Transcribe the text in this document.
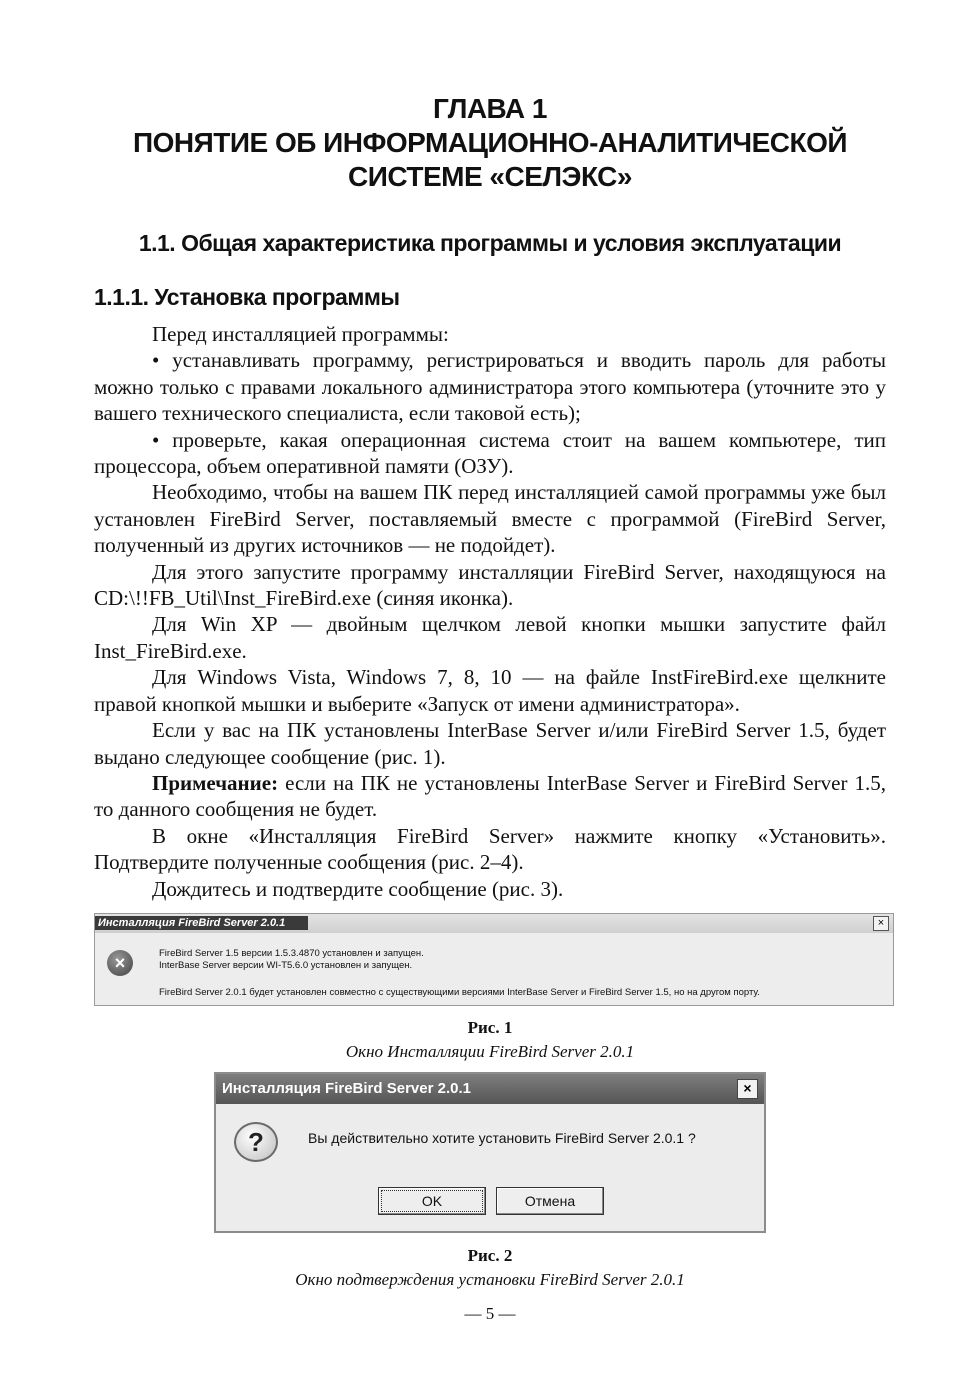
ГЛАВА 1
ПОНЯТИЕ ОБ ИНФОРМАЦИОННО-АНАЛИТИЧЕСКОЙ
СИСТЕМЕ «СЕЛЭКС»
1.1. Общая характеристика программы и условия эксплуатации
1.1.1. Установка программы

Перед инсталляцией программы:

• устанавливать программу, регистрироваться и вводить пароль для работы можно только с правами локального администратора этого компьютера (уточните это у вашего технического специалиста, если таковой есть);

• проверьте, какая операционная система стоит на вашем компьютере, тип процессора, объем оперативной памяти (ОЗУ).

Необходимо, чтобы на вашем ПК перед инсталляцией самой программы уже был установлен FireBird Server, поставляемый вместе с программой (FireBird Server, полученный из других источников — не подойдет).

Для этого запустите программу инсталляции FireBird Server, находящуюся на CD:\!!FB_Util\Inst_FireBird.exe (синяя иконка).

Для Win XP — двойным щелчком левой кнопки мышки запустите файл Inst_FireBird.exe.

Для Windows Vista, Windows 7, 8, 10 — на файле InstFireBird.exe щелкните правой кнопкой мышки и выберите «Запуск от имени администратора».

Если у вас на ПК установлены InterBase Server и/или FireBird Server 1.5, будет выдано следующее сообщение (рис. 1).

Примечание: если на ПК не установлены InterBase Server и FireBird Server 1.5, то данного сообщения не будет.

В окне «Инсталляция FireBird Server» нажмите кнопку «Установить». Подтвердите полученные сообщения (рис. 2–4).

Дождитесь и подтвердите сообщение (рис. 3).

Инсталляция FireBird Server 2.0.1	×
×	FireBird Server 1.5 версии 1.5.3.4870 установлен и запущен.
InterBase Server версии WI-T5.6.0 установлен и запущен.
FireBird Server 2.0.1 будет установлен совместно с существующими версиями InterBase Server и FireBird Server 1.5, но на другом порту.
Рис. 1
Окно Инсталляции FireBird Server 2.0.1
Инсталляция FireBird Server 2.0.1	×
?	Вы действительно хотите установить FireBird Server 2.0.1 ?
OK	Отмена
Рис. 2
Окно подтверждения установки FireBird Server 2.0.1
— 5 —
